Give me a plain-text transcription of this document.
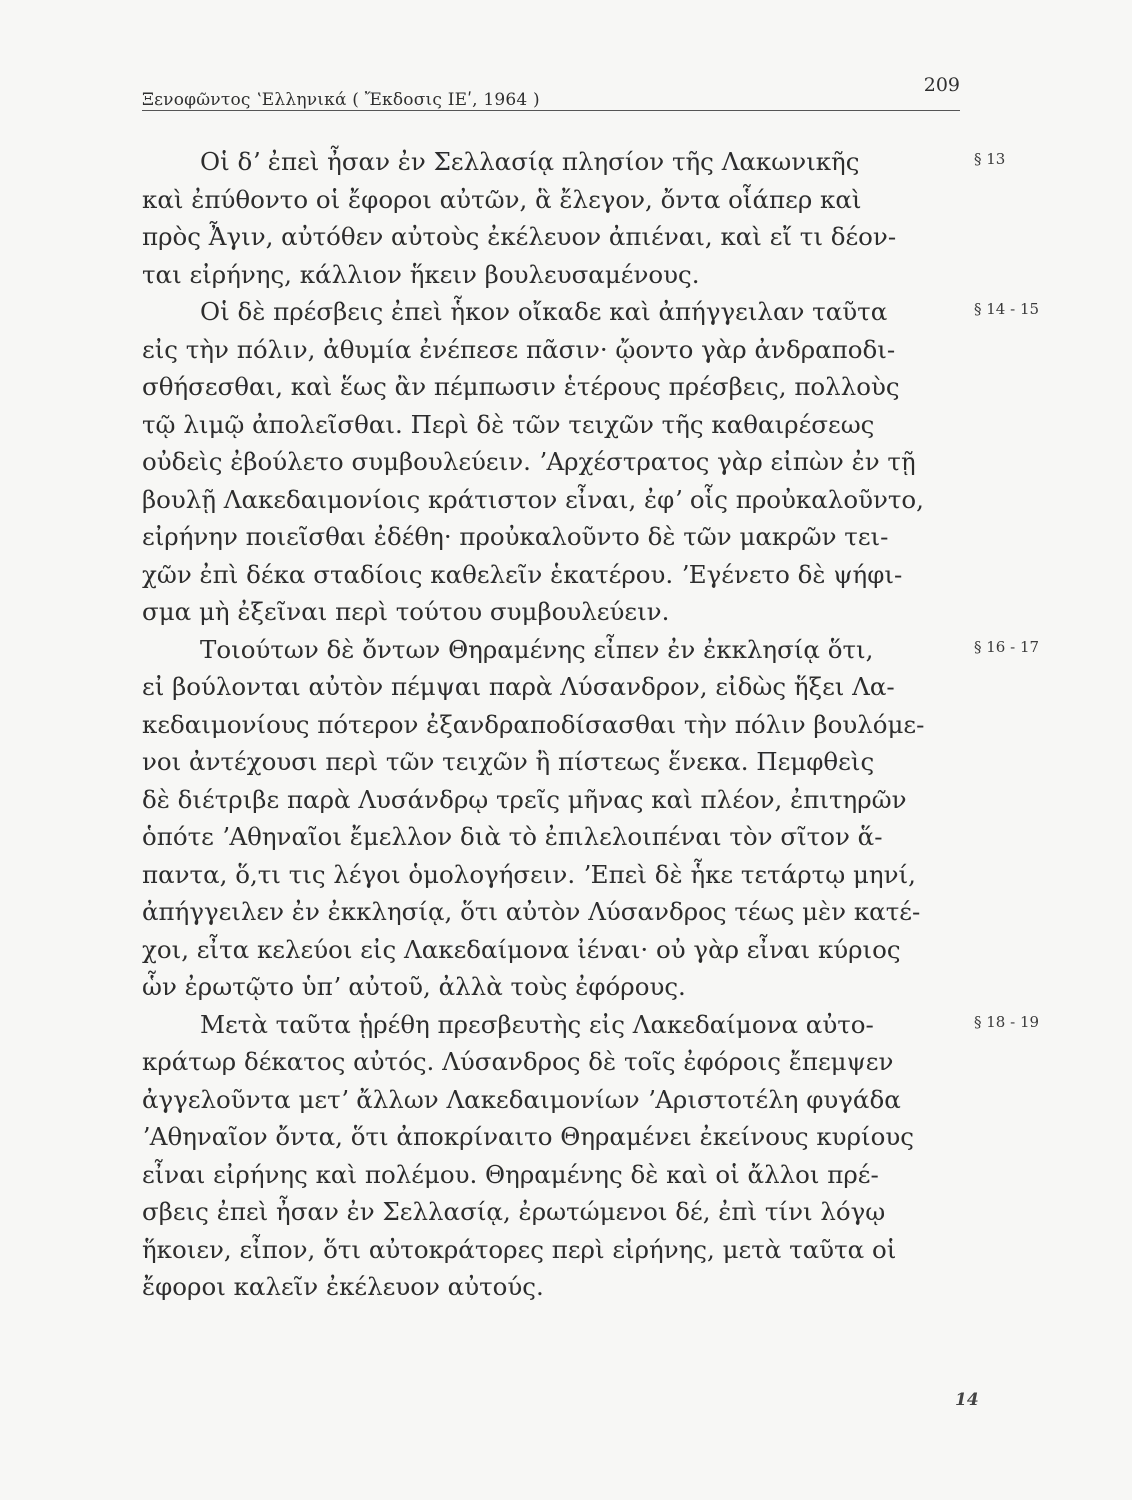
Ξενοφῶντος ʽΕλληνικά ( Ἔκδοσις ΙΕʹ, 1964 )
209
Οἱ δʼ ἐπεὶ ἦσαν ἐν Σελλασίᾳ πλησίον τῆς Λακωνικῆς	§ 13
καὶ ἐπύθοντο οἱ ἔφοροι αὐτῶν, ἃ ἔλεγον, ὄντα οἷάπερ καὶ
πρὸς Ἆγιν, αὐτόθεν αὐτοὺς ἐκέλευον ἀπιέναι, καὶ εἴ τι δέον-
ται εἰρήνης, κάλλιον ἥκειν βουλευσαμένους.
Οἱ δὲ πρέσβεις ἐπεὶ ἧκον οἴκαδε καὶ ἀπήγγειλαν ταῦτα	§ 14 - 15
εἰς τὴν πόλιν, ἀθυμία ἐνέπεσε πᾶσιν· ᾤοντο γὰρ ἀνδραποδι-
σθήσεσθαι, καὶ ἕως ἂν πέμπωσιν ἑτέρους πρέσβεις, πολλοὺς
τῷ λιμῷ ἀπολεῖσθαι. Περὶ δὲ τῶν τειχῶν τῆς καθαιρέσεως
οὐδεὶς ἐβούλετο συμβουλεύειν. ʼΑρχέστρατος γὰρ εἰπὼν ἐν τῇ
βουλῇ Λακεδαιμονίοις κράτιστον εἶναι, ἐφʼ οἷς προὐκαλοῦντο,
εἰρήνην ποιεῖσθαι ἐδέθη· προὐκαλοῦντο δὲ τῶν μακρῶν τει-
χῶν ἐπὶ δέκα σταδίοις καθελεῖν ἑκατέρου. ʼΕγένετο δὲ ψήφι-
σμα μὴ ἐξεῖναι περὶ τούτου συμβουλεύειν.
Τοιούτων δὲ ὄντων Θηραμένης εἶπεν ἐν ἐκκλησίᾳ ὅτι,	§ 16 - 17
εἰ βούλονται αὐτὸν πέμψαι παρὰ Λύσανδρον, εἰδὼς ἥξει Λα-
κεδαιμονίους πότερον ἐξανδραποδίσασθαι τὴν πόλιν βουλόμε-
νοι ἀντέχουσι περὶ τῶν τειχῶν ἢ πίστεως ἕνεκα. Πεμφθεὶς
δὲ διέτριβε παρὰ Λυσάνδρῳ τρεῖς μῆνας καὶ πλέον, ἐπιτηρῶν
ὁπότε ʼΑθηναῖοι ἔμελλον διὰ τὸ ἐπιλελοιπέναι τὸν σῖτον ἅ-
παντα, ὅ,τι τις λέγοι ὁμολογήσειν. ʼΕπεὶ δὲ ἧκε τετάρτῳ μηνί,
ἀπήγγειλεν ἐν ἐκκλησίᾳ, ὅτι αὐτὸν Λύσανδρος τέως μὲν κατέ-
χοι, εἶτα κελεύοι εἰς Λακεδαίμονα ἰέναι· οὐ γὰρ εἶναι κύριος
ὧν ἐρωτῷτο ὑπʼ αὐτοῦ, ἀλλὰ τοὺς ἐφόρους.
Μετὰ ταῦτα ᾑρέθη πρεσβευτὴς εἰς Λακεδαίμονα αὐτο-	§ 18 - 19
κράτωρ δέκατος αὐτός. Λύσανδρος δὲ τοῖς ἐφόροις ἔπεμψεν
ἀγγελοῦντα μετʼ ἄλλων Λακεδαιμονίων ʼΑριστοτέλη φυγάδα
ʼΑθηναῖον ὄντα, ὅτι ἀποκρίναιτο Θηραμένει ἐκείνους κυρίους
εἶναι εἰρήνης καὶ πολέμου. Θηραμένης δὲ καὶ οἱ ἄλλοι πρέ-
σβεις ἐπεὶ ἦσαν ἐν Σελλασίᾳ, ἐρωτώμενοι δέ, ἐπὶ τίνι λόγῳ
ἥκοιεν, εἶπον, ὅτι αὐτοκράτορες περὶ εἰρήνης, μετὰ ταῦτα οἱ
ἔφοροι καλεῖν ἐκέλευον αὐτούς.
14
